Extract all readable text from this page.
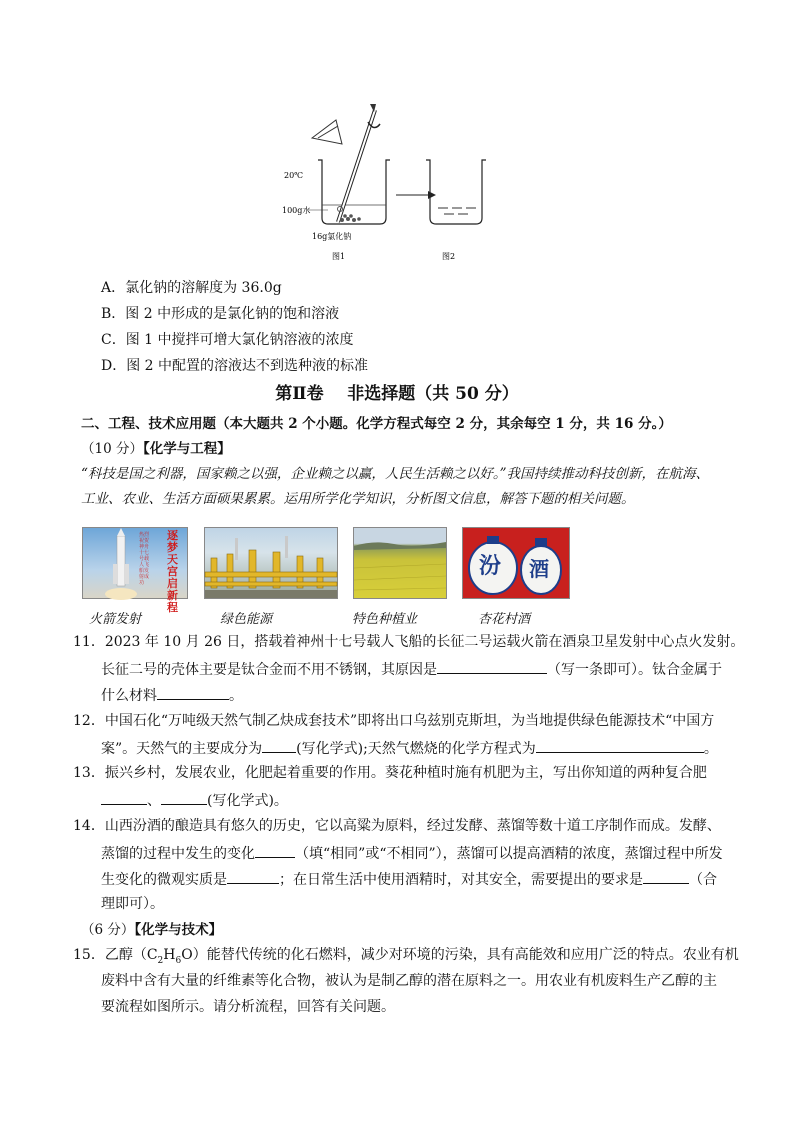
20℃
100g水
16g氯化钠
图1	图2
A．氯化钠的溶解度为 36.0g
B．图 2 中形成的是氯化钠的饱和溶液
C．图 1 中搅拌可增大氯化钠溶液的浓度
D．图 2 中配置的溶液达不到选种液的标准
第Ⅱ卷    非选择题（共 50 分）
二、工程、技术应用题（本大题共 2 个小题。化学方程式每空 2 分，其余每空 1 分，共 16 分。）
（10 分）【化学与工程】
“科技是国之利器，国家赖之以强，企业赖之以赢，人民生活赖之以好。”我国持续推动科技创新，在航海、
工业、农业、生活方面硕果累累。运用所学化学知识，分析图文信息，解答下题的相关问题。
逐梦天宫启新程
热烈祝贺神舟十七号载人飞船发射成功
汾 酒
火箭发射	绿色能源	特色种植业	杏花村酒
11．2023 年 10 月 26 日，搭载着神州十七号载人飞船的长征二号运载火箭在酒泉卫星发射中心点火发射。
长征二号的壳体主要是钛合金而不用不锈钢，其原因是	（写一条即可）。钛合金属于
什么材料	。
12．中国石化“万吨级天然气制乙炔成套技术”即将出口乌兹别克斯坦，为当地提供绿色能源技术“中国方
案”。天然气的主要成分为 (写化学式);天然气燃烧的化学方程式为	。
13．振兴乡村，发展农业，化肥起着重要的作用。葵花种植时施有机肥为主，写出你知道的两种复合肥
、	(写化学式)。
14．山西汾酒的酿造具有悠久的历史，它以高粱为原料，经过发酵、蒸馏等数十道工序制作而成。发酵、
蒸馏的过程中发生的变化	（填“相同”或“不相同”），蒸馏可以提高酒精的浓度，蒸馏过程中所发
生变化的微观实质是	；在日常生活中使用酒精时，对其安全，需要提出的要求是	（合
理即可）。
（6 分）【化学与技术】
15．乙醇$(C_2H_6O)$能替代传统的化石燃料，减少对环境的污染，具有高能效和应用广泛的特点。农业有机
废料中含有大量的纤维素等化合物，被认为是制乙醇的潜在原料之一。用农业有机废料生产乙醇的主
要流程如图所示。请分析流程，回答有关问题。
